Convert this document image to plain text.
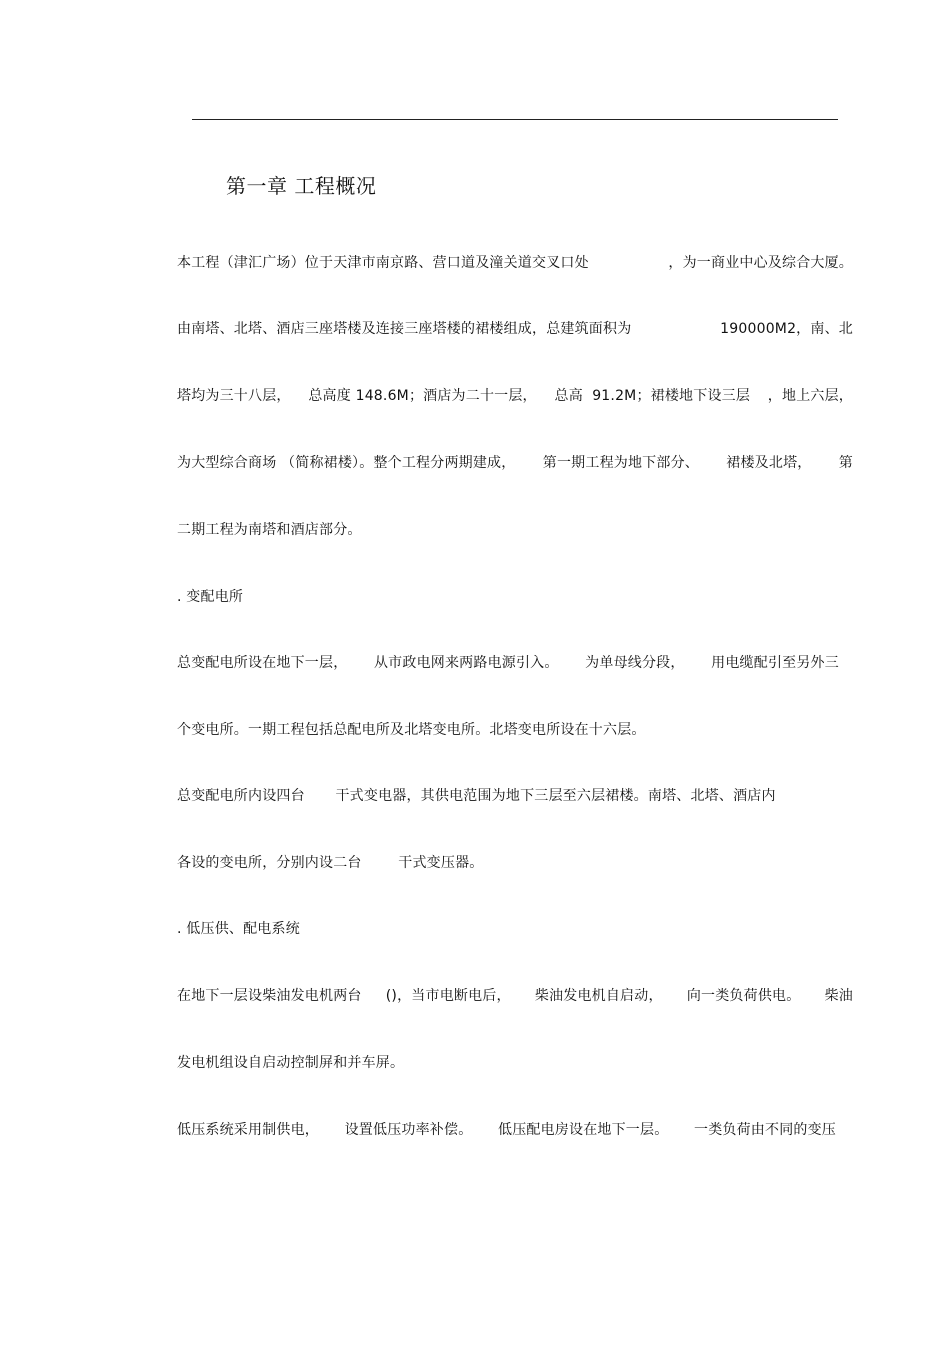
第一章 工程概况
本工程（津汇广场）位于天津市南京路、营口道及潼关道交叉口处	，为一商业中心及综合大厦。
由南塔、北塔、酒店三座塔楼及连接三座塔楼的裙楼组成，总建筑面积为	190000M2，南、北
塔均为三十八层， 总高度 148.6M；酒店为二十一层， 总高  91.2M；裙楼地下设三层 ，地上六层，
为大型综合商场 （简称裙楼）。整个工程分两期建成， 第一期工程为地下部分、 裙楼及北塔， 第
二期工程为南塔和酒店部分。
. 变配电所
总变配电所设在地下一层， 从市政电网来两路电源引入。 为单母线分段， 用电缆配引至另外三
个变电所。一期工程包括总配电所及北塔变电所。北塔变电所设在十六层。
总变配电所内设四台 干式变电器，其供电范围为地下三层至六层裙楼。南塔、北塔、酒店内
各设的变电所，分别内设二台	干式变压器。
. 低压供、配电系统
在地下一层设柴油发电机两台 ()，当市电断电后， 柴油发电机自启动， 向一类负荷供电。 柴油
发电机组设自启动控制屏和并车屏。
低压系统采用制供电， 设置低压功率补偿。 低压配电房设在地下一层。 一类负荷由不同的变压
